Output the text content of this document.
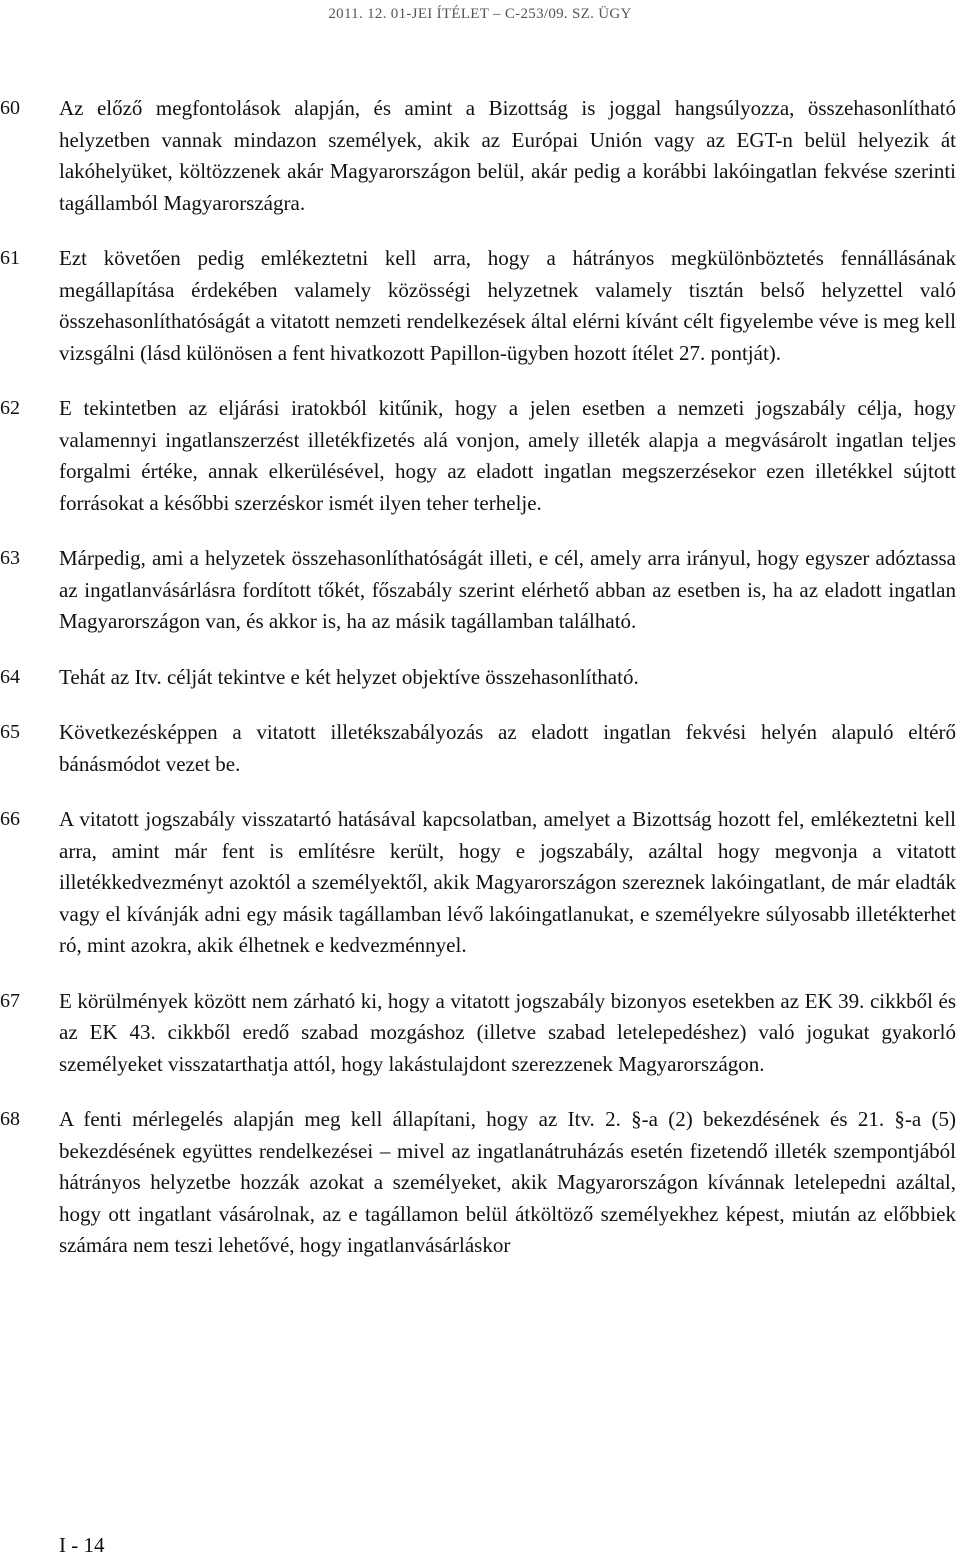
2011. 12. 01-JEI ÍTÉLET – C-253/09. SZ. ÜGY
60 Az előző megfontolások alapján, és amint a Bizottság is joggal hangsúlyozza, összehasonlítható helyzetben vannak mindazon személyek, akik az Európai Unión vagy az EGT-n belül helyezik át lakóhelyüket, költözzenek akár Magyarországon belül, akár pedig a korábbi lakóingatlan fekvése szerinti tagállamból Magyarországra.
61 Ezt követően pedig emlékeztetni kell arra, hogy a hátrányos megkülönböztetés fennállásának megállapítása érdekében valamely közösségi helyzetnek valamely tisztán belső helyzettel való összehasonlíthatóságát a vitatott nemzeti rendelkezések által elérni kívánt célt figyelembe véve is meg kell vizsgálni (lásd különösen a fent hivatkozott Papillon-ügyben hozott ítélet 27. pontját).
62 E tekintetben az eljárási iratokból kitűnik, hogy a jelen esetben a nemzeti jogszabály célja, hogy valamennyi ingatlanszerzést illetékfizetés alá vonjon, amely illeték alapja a megvásárolt ingatlan teljes forgalmi értéke, annak elkerülésével, hogy az eladott ingatlan megszerzésekor ezen illetékkel sújtott forrásokat a későbbi szerzéskor ismét ilyen teher terhelje.
63 Márpedig, ami a helyzetek összehasonlíthatóságát illeti, e cél, amely arra irányul, hogy egyszer adóztassa az ingatlanvásárlásra fordított tőkét, főszabály szerint elérhető abban az esetben is, ha az eladott ingatlan Magyarországon van, és akkor is, ha az másik tagállamban található.
64 Tehát az Itv. célját tekintve e két helyzet objektíve összehasonlítható.
65 Következésképpen a vitatott illetékszabályozás az eladott ingatlan fekvési helyén alapuló eltérő bánásmódot vezet be.
66 A vitatott jogszabály visszatartó hatásával kapcsolatban, amelyet a Bizottság hozott fel, emlékeztetni kell arra, amint már fent is említésre került, hogy e jogszabály, azáltal hogy megvonja a vitatott illetékkedvezményt azoktól a személyektől, akik Magyarországon szereznek lakóingatlant, de már eladták vagy el kívánják adni egy másik tagállamban lévő lakóingatlanukat, e személyekre súlyosabb illetékterhet ró, mint azokra, akik élhetnek e kedvezménnyel.
67 E körülmények között nem zárható ki, hogy a vitatott jogszabály bizonyos esetekben az EK 39. cikkből és az EK 43. cikkből eredő szabad mozgáshoz (illetve szabad letelepedéshez) való jogukat gyakorló személyeket visszatarthatja attól, hogy lakástulajdont szerezzenek Magyarországon.
68 A fenti mérlegelés alapján meg kell állapítani, hogy az Itv. 2. §-a (2) bekezdésének és 21. §-a (5) bekezdésének együttes rendelkezései – mivel az ingatlanátruházás esetén fizetendő illeték szempontjából hátrányos helyzetbe hozzák azokat a személyeket, akik Magyarországon kívánnak letelepedni azáltal, hogy ott ingatlant vásárolnak, az e tagállamon belül átköltöző személyekhez képest, miután az előbbiek számára nem teszi lehetővé, hogy ingatlanvásárláskor
I - 14
